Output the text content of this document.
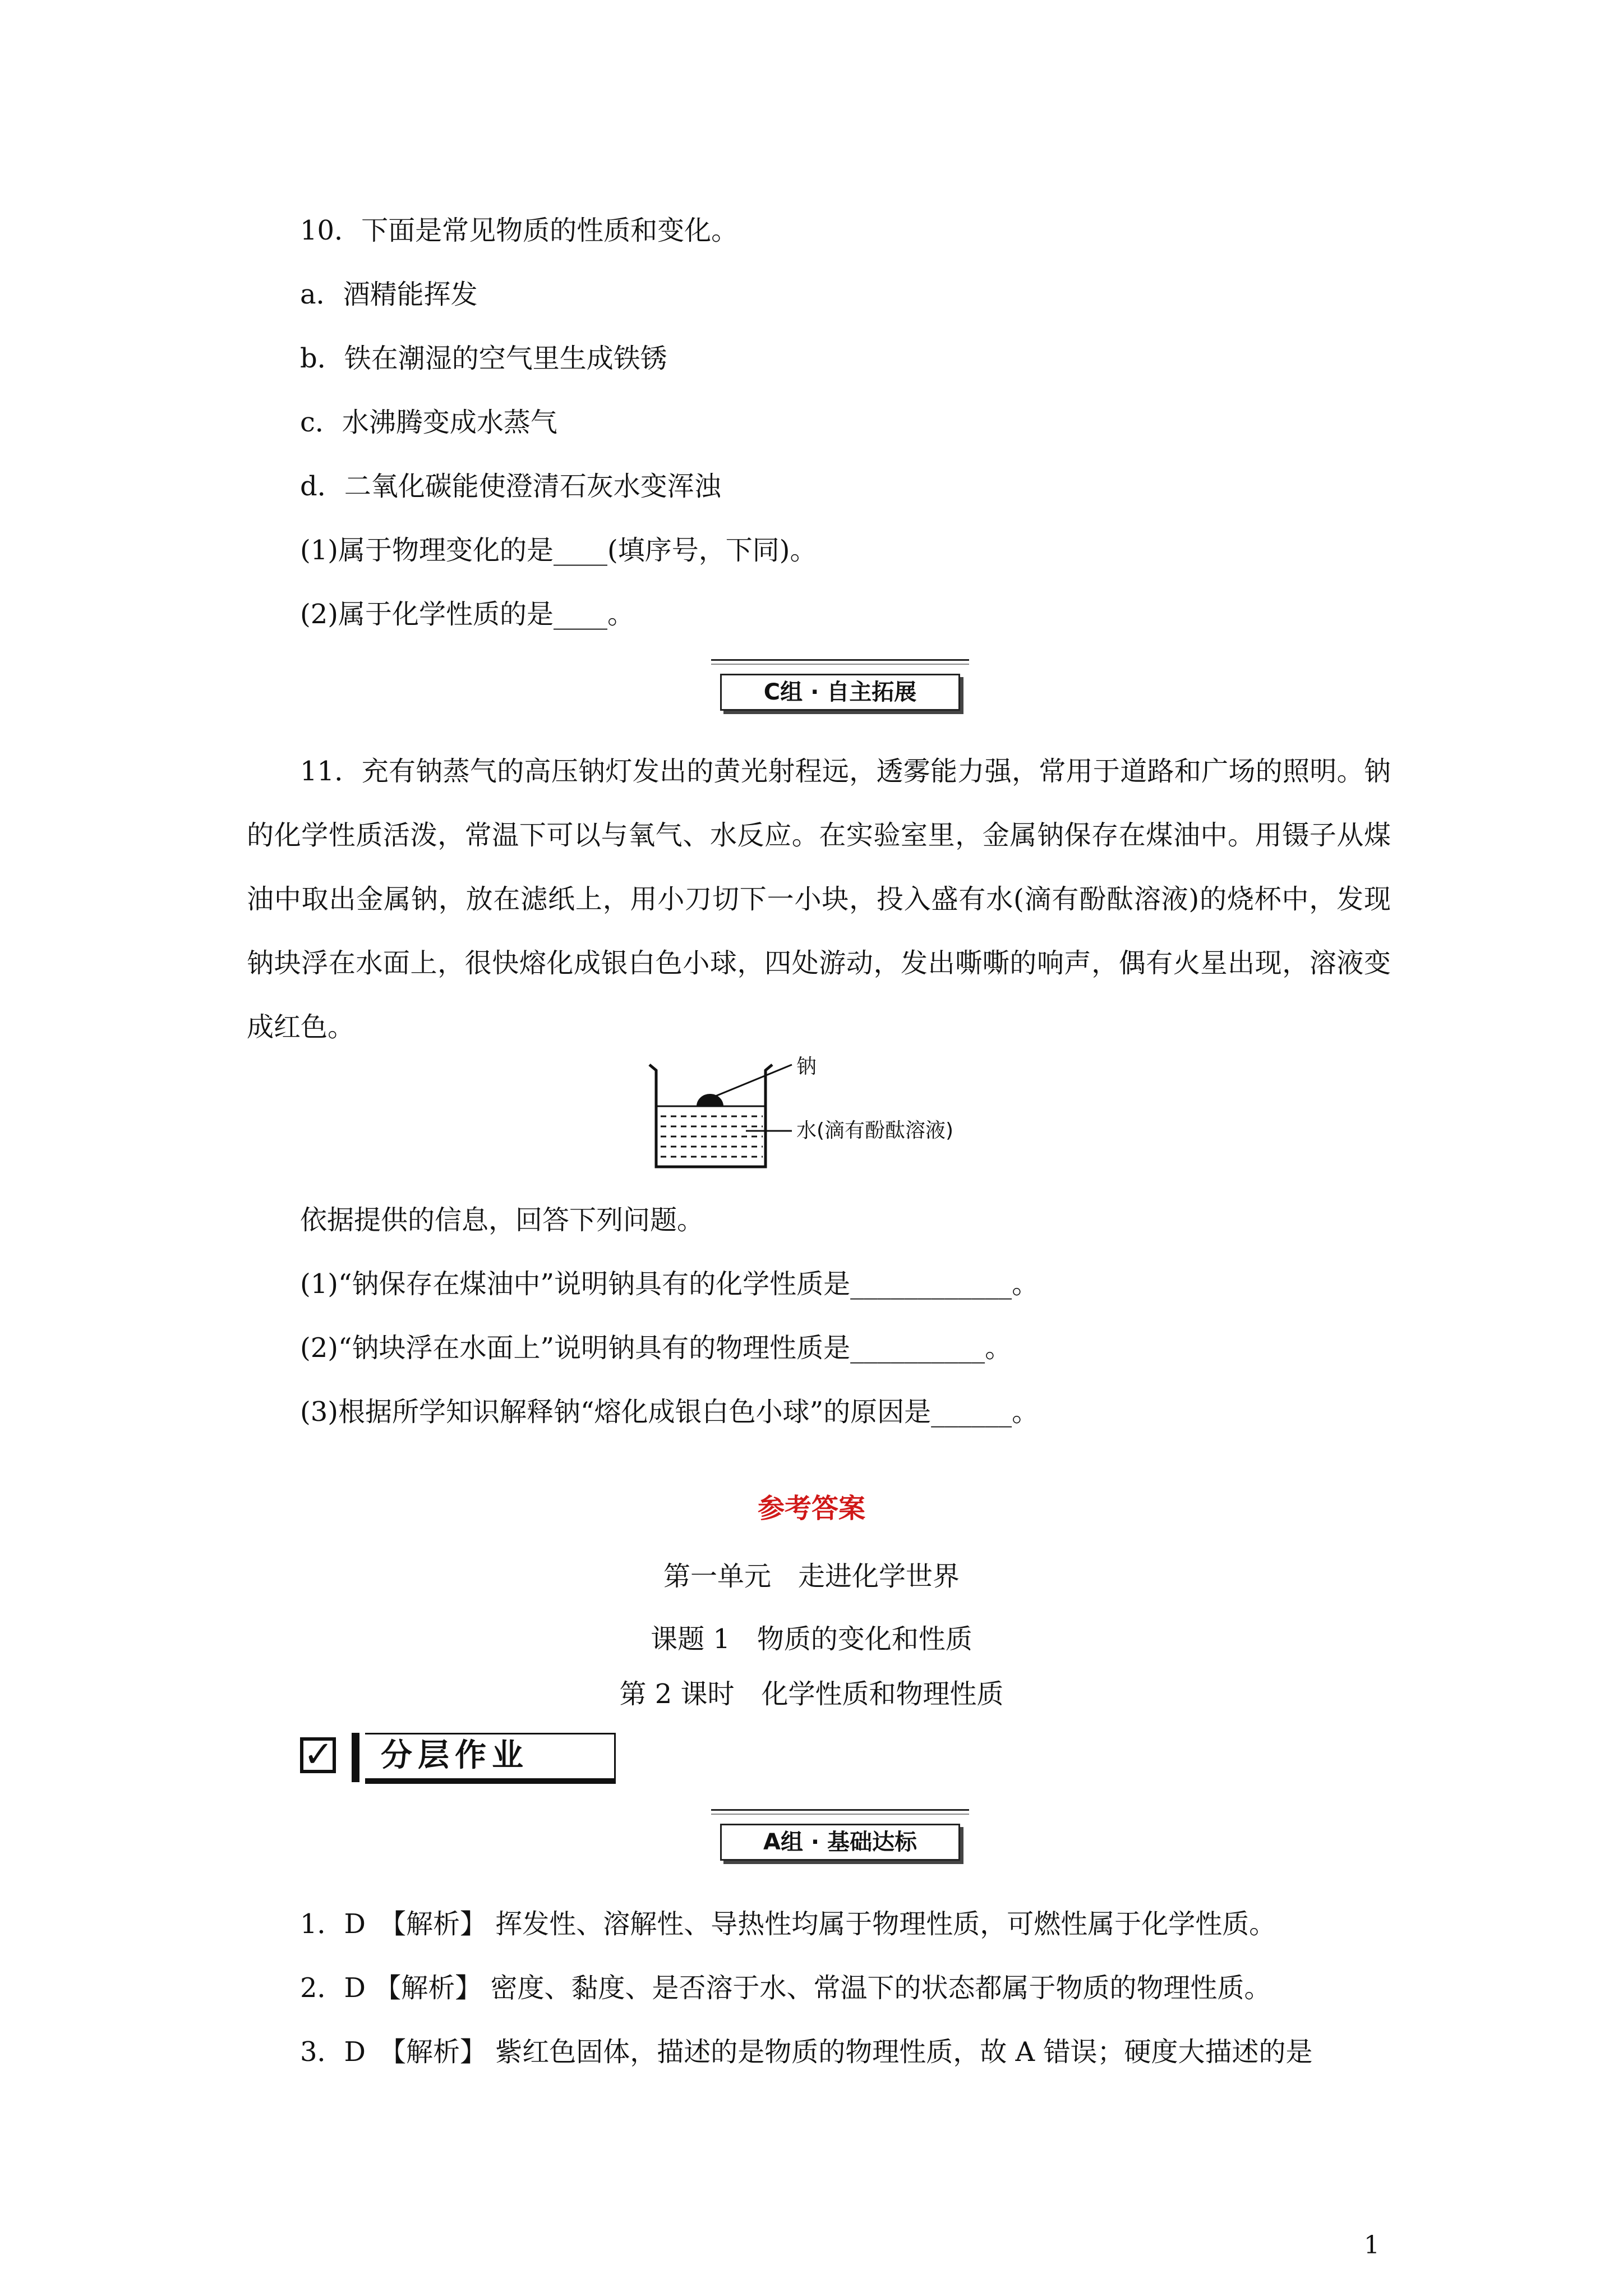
10．下面是常见物质的性质和变化。
a．酒精能挥发
b．铁在潮湿的空气里生成铁锈
c．水沸腾变成水蒸气
d．二氧化碳能使澄清石灰水变浑浊
(1)属于物理变化的是____(填序号，下同)。
(2)属于化学性质的是____。
C组 · 自主拓展
11．充有钠蒸气的高压钠灯发出的黄光射程远，透雾能力强，常用于道路和广场的照明。钠的化学性质活泼，常温下可以与氧气、水反应。在实验室里，金属钠保存在煤油中。用镊子从煤油中取出金属钠，放在滤纸上，用小刀切下一小块，投入盛有水(滴有酚酞溶液)的烧杯中，发现钠块浮在水面上，很快熔化成银白色小球，四处游动，发出嘶嘶的响声，偶有火星出现，溶液变成红色。
钠
水(滴有酚酞溶液)
依据提供的信息，回答下列问题。
(1)“钠保存在煤油中”说明钠具有的化学性质是____________。
(2)“钠块浮在水面上”说明钠具有的物理性质是__________。
(3)根据所学知识解释钠“熔化成银白色小球”的原因是______。
参考答案
第一单元　走进化学世界
课题 1　物质的变化和性质
第 2 课时　化学性质和物理性质
✓	分层作业
A组 · 基础达标
1．D　【解析】 挥发性、溶解性、导热性均属于物理性质，可燃性属于化学性质。
2．D 【解析】 密度、黏度、是否溶于水、常温下的状态都属于物质的物理性质。
3．D　【解析】 紫红色固体，描述的是物质的物理性质，故 A 错误；硬度大描述的是
1
